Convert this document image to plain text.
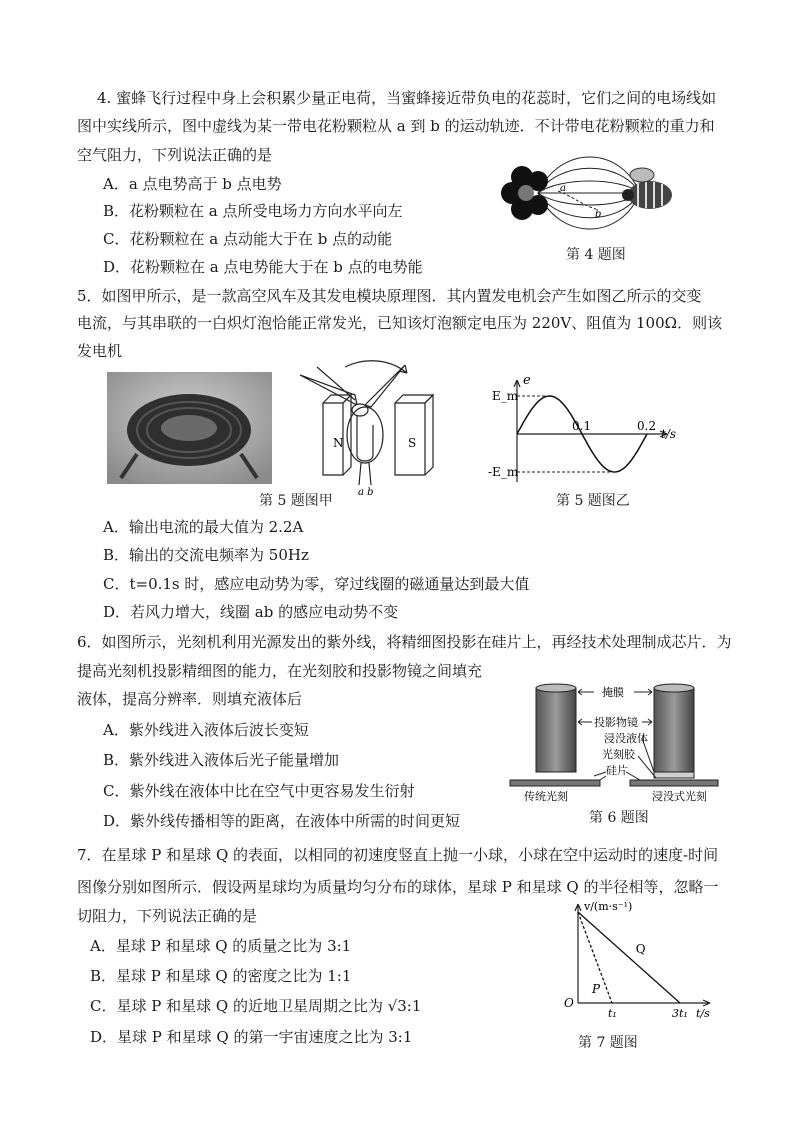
4. 蜜蜂飞行过程中身上会积累少量正电荷，当蜜蜂接近带负电的花蕊时，它们之间的电场线如
图中实线所示，图中虚线为某一带电花粉颗粒从 a 到 b 的运动轨迹．不计带电花粉颗粒的重力和
空气阻力，下列说法正确的是
A．a 点电势高于 b 点电势
B．花粉颗粒在 a 点所受电场力方向水平向左
C．花粉颗粒在 a 点动能大于在 b 点的动能
D．花粉颗粒在 a 点电势能大于在 b 点的电势能
a
b
第 4 题图
5．如图甲所示，是一款高空风车及其发电模块原理图．其内置发电机会产生如图乙所示的交变
电流，与其串联的一白炽灯泡恰能正常发光，已知该灯泡额定电压为 220V、阻值为 100Ω．则该
发电机
N	S
a b
第 5 题图甲
e
E_m
-E_m
0.1	0.2
t/s
第 5 题图乙
A．输出电流的最大值为 2.2A
B．输出的交流电频率为 50Hz
C．t=0.1s 时，感应电动势为零，穿过线圈的磁通量达到最大值
D．若风力增大，线圈 ab 的感应电动势不变
6．如图所示，光刻机利用光源发出的紫外线，将精细图投影在硅片上，再经技术处理制成芯片．为
提高光刻机投影精细图的能力，在光刻胶和投影物镜之间填充
液体，提高分辨率．则填充液体后
A．紫外线进入液体后波长变短
B．紫外线进入液体后光子能量增加
C．紫外线在液体中比在空气中更容易发生衍射
D．紫外线传播相等的距离，在液体中所需的时间更短
掩膜
投影物镜
浸没液体
光刻胶
硅片
传统光刻	浸没式光刻
第 6 题图
7．在星球 P 和星球 Q 的表面，以相同的初速度竖直上抛一小球，小球在空中运动时的速度-时间
图像分别如图所示．假设两星球均为质量均匀分布的球体，星球 P 和星球 Q 的半径相等，忽略一
切阻力，下列说法正确的是
A．星球 P 和星球 Q 的质量之比为 3:1
B．星球 P 和星球 Q 的密度之比为 1:1
C．星球 P 和星球 Q 的近地卫星周期之比为 √3:1
D．星球 P 和星球 Q 的第一宇宙速度之比为 3:1
v/(m·s⁻¹)
O
P
Q
t₁	3t₁ t/s
第 7 题图
